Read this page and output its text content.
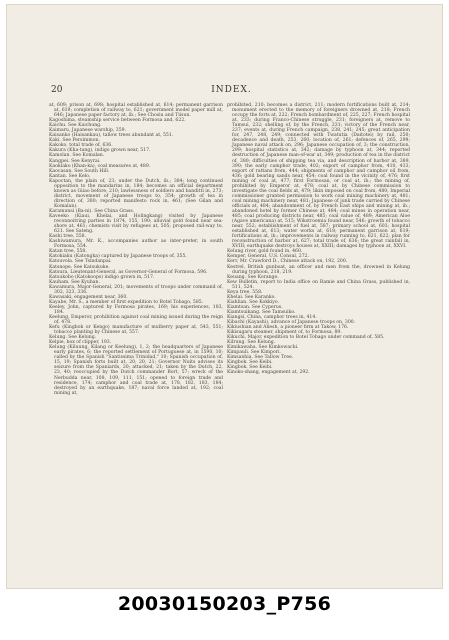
20	INDEX.

at, 609; prison at, 698; hospital established at, 614; permanent garrison at, 619; completion of railway to, 621; government model paper mill at, 646; Japanese paper factory at, ib.; See Chosiu and Tiisun.

Kagoshima, steamship service between Formosa and, 622.

Kaichu. See Kaichung.

Kaimaru, Japanese warship, 359.

Kaisanko (Haisankau), tallow trees abundant at, 551.

Kaki. See Persimmon.

Kakoko, total trade of, 636.

Kakura (Kha-tang), indigo grown near, 517.

Kamolan. See Komalan.

Kangpei. See Kenyrai.

Kaoklako (Khan-ka), coal measures at, 489.

Kaocasan. See South Hill.

Kantan. See Kelo.

Kapoctan, the plain of, 23; under the Dutch, ib.; 384; long continued opposition to the mandarins in, 184; becomes an official department known as Giiao before, 210; lawlessness of soldiers and banditti in, 273; district, movement of Japanese troops to, 354; growth of tea in direction of, 380; reported manifesto rock in, 461; (See Gilan and Komalan).

Karamunsi (Ba-ni). See China Grass.

Kaveeko (Kiaui, Khelai, and Holingkang) visited by Japanese reconnoitring parties in 1874, 155, 190; alluvial gold found near sea-shore at, 461; chemists visit by refugees at, 505; proposed rail-way to, 621. See Sateng.

Kashi tree, 558.

Kashiwamura, Mr. K., accompanies author as inter-preter, in south Formosa, 554.

Katan tree, 558.

Katokiaku (Katongka) captured by Japanese troops of, 355.

Katsuvola. See Tsindanpai.

Katsnope. See Katsukuke.

Katsura, Lieutenant-General, as Governor-General of Formosa, 596.

Katsukobo (Katokoops) indigo grown in, 517.

Kauham. See Kyuhan.

Kawamura, Major-General, 201; movements of troops under command of, 302, 323, 336.

Kawasaki, engagement near, 360.

Kayabe, Mr. S., a member of first expedition to Botel Tobago, 585.

Keeley, John, captured by Formosa pirates, 169; his experiences, 183, 184.

Keelung, Emperor, prohibition against coal mining issued during the reign of, 478.

Kefu (Kingbok or Kengo) manufacture of mulberry paper at, 543, 551; tobacco planting by Chinese at, 557.

Kelung. See Kelung.

Kelpie, box of clipper, 193.

Kelung (Kiluung, Kilang or Keelung), 1, 2; the headquarters of Japanese early pirates, 6; the reported settlement of Portuguese at, in 1590, 10; called by the Spanish "Santissima Trinidad," 10; Spanish occupation of, 15, 19; Spanish forts built at, 20, 20, 21; Governor Nuits advises its seizure from the Spaniards, 20; attacked, 21; taken by the Dutch, 22, 23, 40; reoccupied by the Dutch commander Bort, 57; wreck of the Nerbudda near, 108, 109, 111, 151; opened to foreign trade and residence, 174; camphor and coal trade at, 178, 182, 183, 184; destroyed by an earthquake, 187; naval force landed at, 192; coal mining at,

prohibited, 210; becomes a district, 211; modern fortifications built at, 214; monument erected to the memory of foreigners drowned at, 218; French occupy the forts at, 222; French bombardment of, 225, 227; French hospital at, 233; during Franco-Chinese struggle, 231; foreigners at, remove to Tamsui, 232; shelling of, by the French, 231; victory of the French near, 237; events at, during French campaign, 238, 241; 245; great anticipation for, 247, 248, 249; connected with Twatutia (Daitotei) by rail, 250; decadence and death, 253, 260; location of, 261; defences of, 265, 299; Japanese naval attack on, 296; Japanese occupation of, 3; the construction, 299; hospital statistics at, 342; damage by typhoon at, 344; reported destruction of Japanese man-of-war at, 349; production of tea in the district of, 380; difficulties of shipping tea via, and description of harbor at, 389, 390; the early camphor trade, 402; export of camphor from, 410, 433; export of rattans from, 444; shipments of camphor and camphor oil from, 436; gold bearing sands near, 454; coal found in the vicinity of, 476; first mining of coal at, 477; first Formosan, or coal at, ib.; the mining of, prohibited by Emperor at, 478; coal at, by Chinese commission to investigate the coal fields at, 479; likin imposed on coal from, 480; Imperial commissioner granted permission to work coal mining machinery at, 481; coal mining machinery near, 481; Japanese of junk trade carried by Chinese officials at, 484; abandonment of, by French East ships and mining at, ib.; abandoned hotel by former Chinese at, 484; coal mines in operation near, 485; coal producing districts near, 485; coal value of, 489; American Aloe (Agave americana) at, 515; Wikstroemia found near, 546; growth of tobacco near, 552; establishment of fuel at, 587; primary school at, 603; hospital established at, 613; water works at, 618; permanent garrison at, 619; fortifications at, ib.; improvements in railway running to, 621, 622; plan for reconstruction of harbor at, 627; total trade of, 636; the great rainfall in, XVIII; earthquake destroys houses at, XXIII; damages by typhoon at, XXVI.

Kelung river, gold found in, 460.

Kemper, General, U.S. Consul, 272.

Kerr, Mr. Crawford D., Chinese attack on, 192, 200.

Kestrel, British gunboat, an officer and men from the, drowned in Kelung during typhoon, 218, 219.

Keuang. See Korange.

Kew Bulletin, report to India office on Ramie and China Grass, published in, 511, 524.

Keya tree, 558.

Khelai. See Karanko.

Kiahlian. See Kokkiyo.

Kiamtsan. See Cyperus.

Kiamtsuikang. See Tamsuiko.

Kiangsi, China, camphor trees in, 414.

Kibachi (Kayashi), advance of Japanese troops on, 300.

Kikiushian and Aliesh, a pioneer firm at Takow, 176.

Kikisugaru steamer, shipment of, to Formosa, 89.

Kikuchi, Major, expedition to Botel Tobago under command of, 585.

Kilrung. See Kelung.

Kimikawaha. See Kimkowachi.

Kimpauli. See Kimpori.

Kimsanhia. See Tallow Tree.

Kingbok. See Keibi.

Kingbok. See Keibi.

Kinoko-shang, engagement at, 292.

20030150203_P756
